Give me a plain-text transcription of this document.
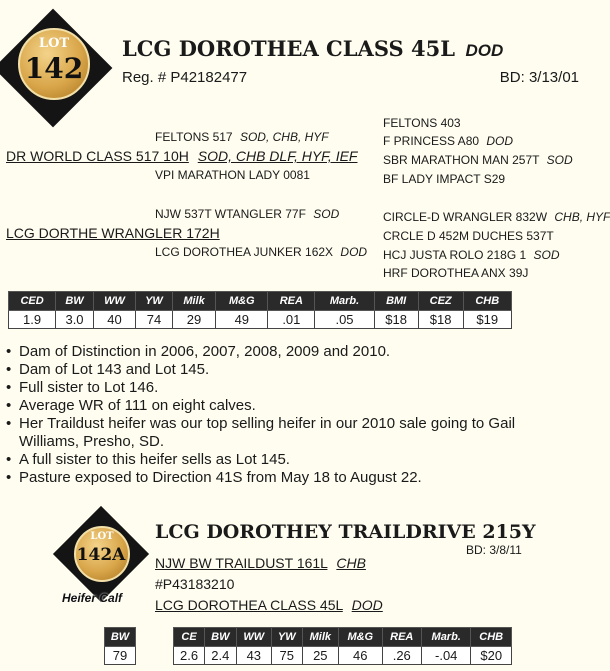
LOT
142
LCG DOROTHEA CLASS 45L DOD
Reg. # P42182477	BD: 3/13/01
FELTONS 517 SOD, CHB, HYF
DR WORLD CLASS 517 10H SOD, CHB DLF, HYF, IEF
VPI MARATHON LADY 0081
NJW 537T WTANGLER 77F SOD
LCG DORTHE WRANGLER 172H
LCG DOROTHEA JUNKER 162X DOD
FELTONS 403
F PRINCESS A80 DOD
SBR MARATHON MAN 257T SOD
BF LADY IMPACT S29
CIRCLE-D WRANGLER 832W CHB, HYF
CRCLE D 452M DUCHES 537T
HCJ JUSTA ROLO 218G 1 SOD
HRF DOROTHEA ANX 39J
CED	BW	WW	YW	Milk	M&G	REA	Marb.	BMI	CEZ	CHB
1.9	3.0	40	74	29	49	.01	.05	$18	$18	$19
• Dam of Distinction in 2006, 2007, 2008, 2009 and 2010.
• Dam of Lot 143 and Lot 145.
• Full sister to Lot 146.
• Average WR of 111 on eight calves.
• Her Traildust heifer was our top selling heifer in our 2010 sale going to Gail Williams, Presho, SD.
• A full sister to this heifer sells as Lot 145.
• Pasture exposed to Direction 41S from May 18 to August 22.
LOT
142A
Heifer Calf
LCG DOROTHEY TRAILDRIVE 215Y
BD: 3/8/11
NJW BW TRAILDUST 161L CHB
#P43183210
LCG DOROTHEA CLASS 45L DOD
BW
79
CE	BW	WW	YW	Milk	M&G	REA	Marb.	CHB
2.6	2.4	43	75	25	46	.26	-.04	$20
